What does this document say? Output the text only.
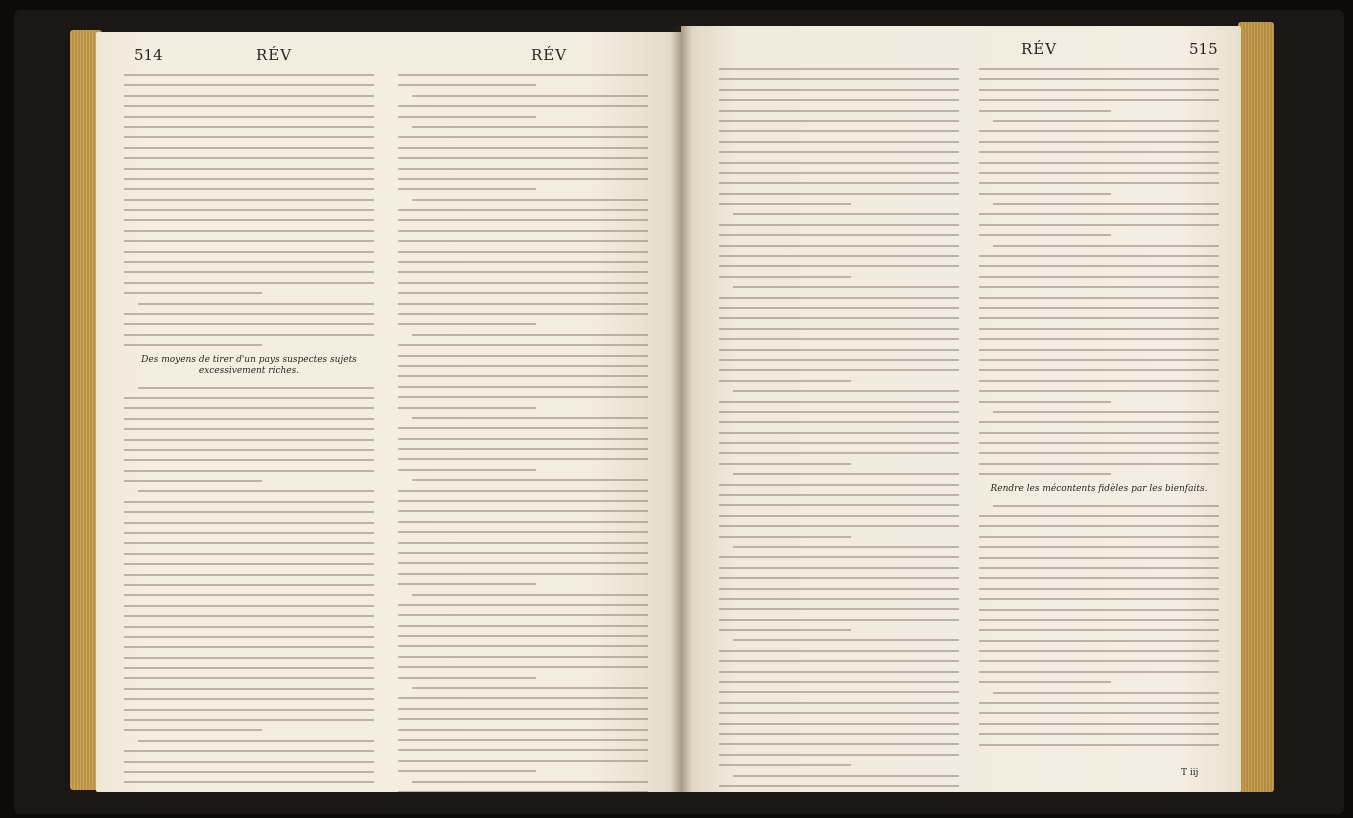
514	RÉV	RÉV
Des moyens de tirer d'un pays suspectes sujets excessivement riches.
RÉV	515
Rendre les mécontents fidèles par les bienfaits.
T iij
